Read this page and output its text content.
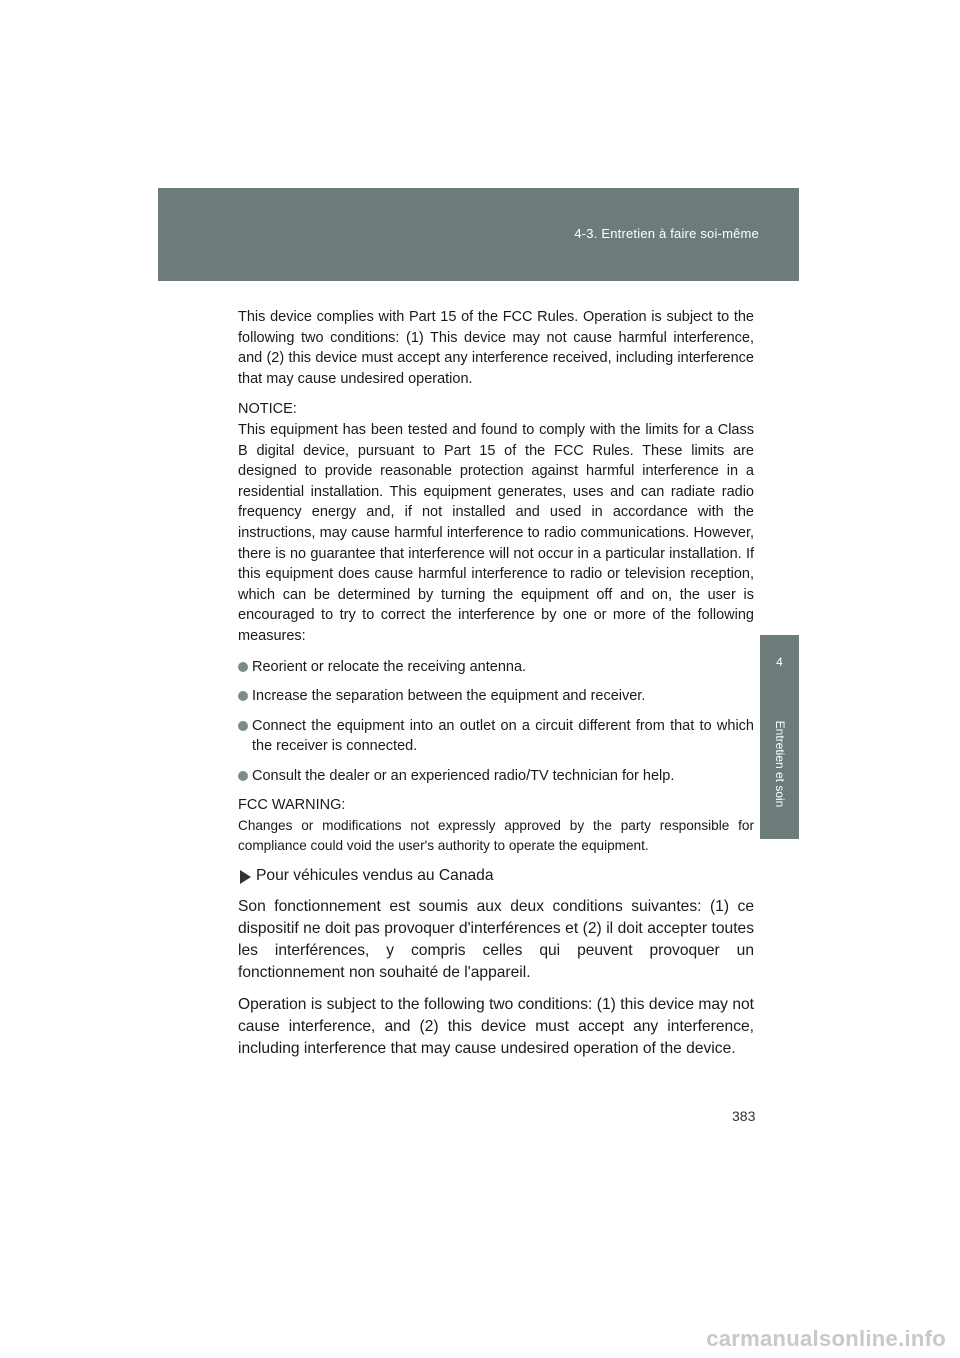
4-3. Entretien à faire soi-même
4
Entretien et soin

This device complies with Part 15 of the FCC Rules. Operation is subject to the following two conditions: (1) This device may not cause harmful interference, and (2) this device must accept any interference received, including interference that may cause undesired operation.

NOTICE:

This equipment has been tested and found to comply with the limits for a Class B digital device, pursuant to Part 15 of the FCC Rules. These limits are designed to provide reasonable protection against harmful interference in a residential installation. This equipment generates, uses and can radiate radio frequency energy and, if not installed and used in accordance with the instructions, may cause harmful interference to radio communications. However, there is no guarantee that interference will not occur in a particular installation. If this equipment does cause harmful interference to radio or television reception, which can be determined by turning the equipment off and on, the user is encouraged to try to correct the interference by one or more of the following measures:

Reorient or relocate the receiving antenna.
Increase the separation between the equipment and receiver.
Connect the equipment into an outlet on a circuit different from that to which the receiver is connected.
Consult the dealer or an experienced radio/TV technician for help.

FCC WARNING:

Changes or modifications not expressly approved by the party responsible for compliance could void the user's authority to operate the equipment.

Pour véhicules vendus au Canada

Son fonctionnement est soumis aux deux conditions suivantes: (1) ce dispositif ne doit pas provoquer d'interférences et (2) il doit accepter toutes les interférences, y compris celles qui peuvent provoquer un fonctionnement non souhaité de l'appareil.

Operation is subject to the following two conditions: (1) this device may not cause interference, and (2) this device must accept any interference, including interference that may cause undesired operation of the device.

383
carmanualsonline.info
